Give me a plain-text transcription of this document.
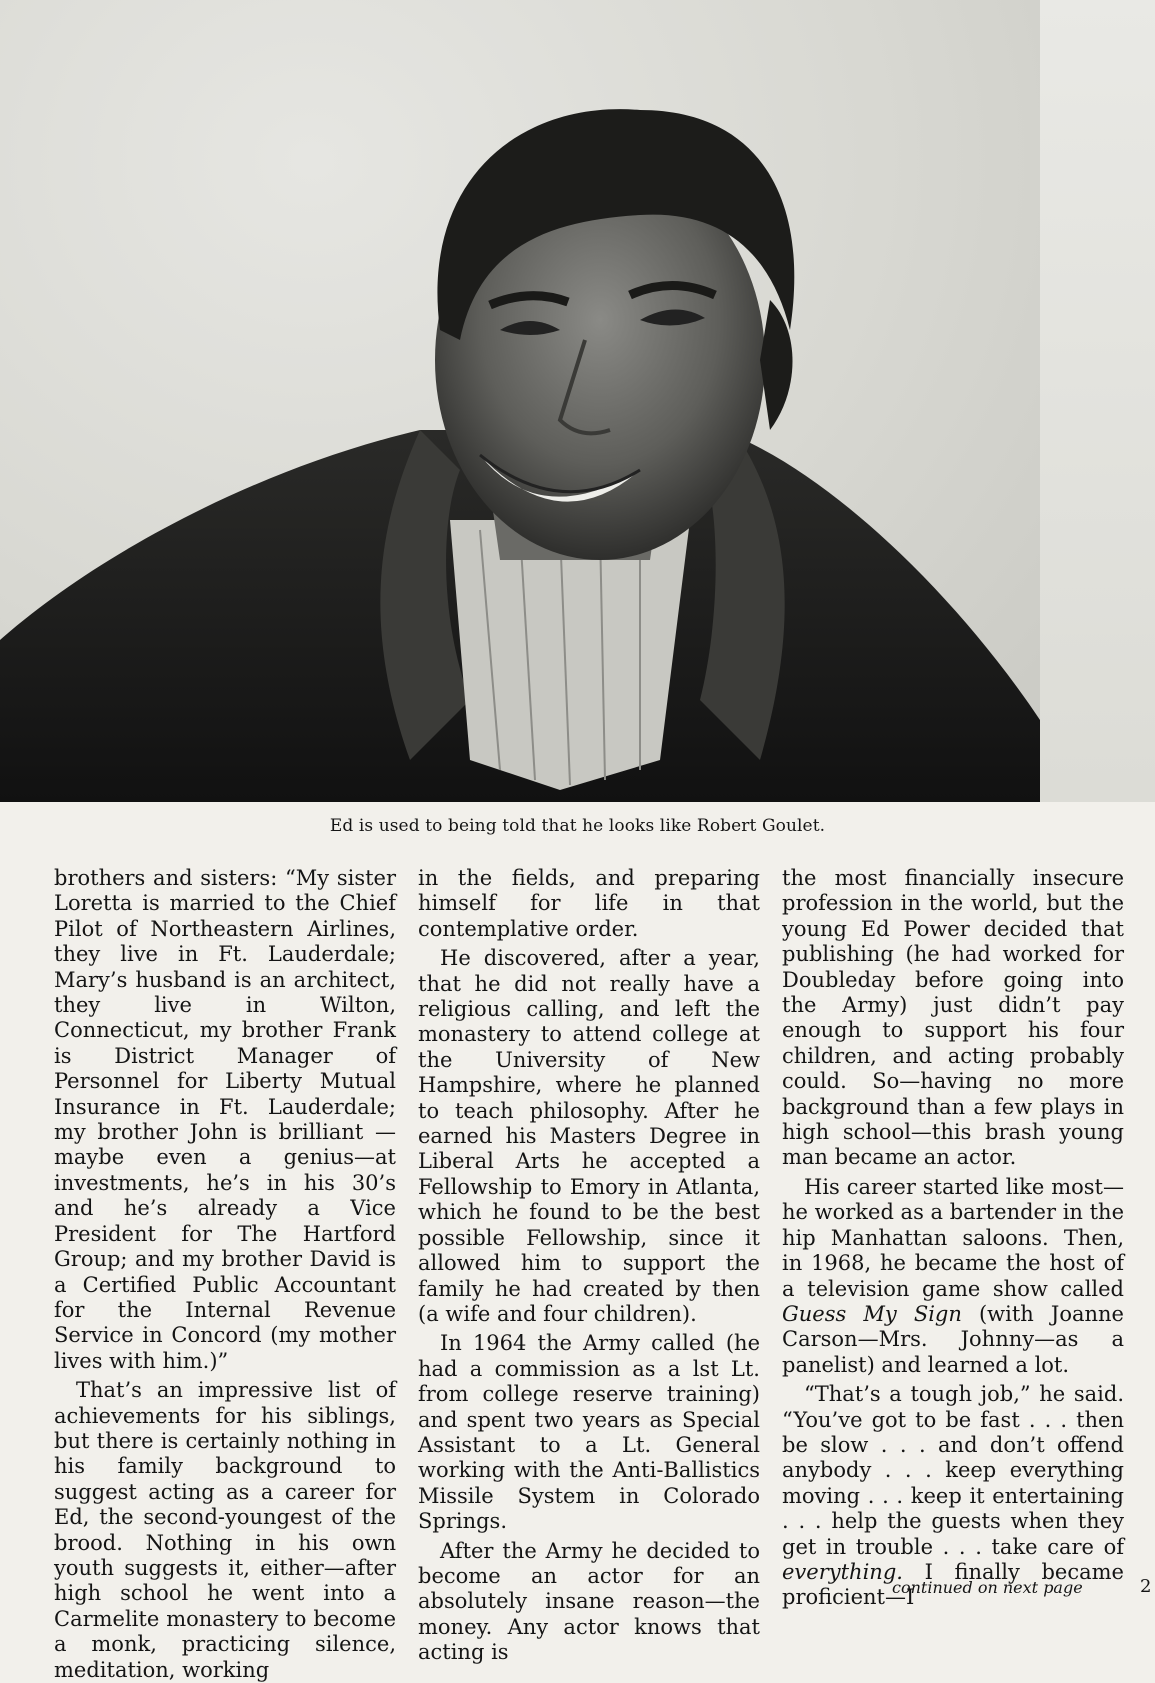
Ed is used to being told that he looks like Robert Goulet.

brothers and sisters: “My sister Loretta is married to the Chief Pilot of Northeastern Airlines, they live in Ft. Lauderdale; Mary’s husband is an architect, they live in Wilton, Connecticut, my brother Frank is District Manager of Personnel for Liberty Mutual Insurance in Ft. Lauderdale; my brother John is brilliant —maybe even a genius—at investments, he’s in his 30’s and he’s already a Vice President for The Hartford Group; and my brother David is a Certified Public Accountant for the Internal Revenue Service in Concord (my mother lives with him.)”

That’s an impressive list of achievements for his siblings, but there is certainly nothing in his family background to suggest acting as a career for Ed, the second-youngest of the brood. Nothing in his own youth suggests it, either—after high school he went into a Carmelite monastery to become a monk, practicing silence, meditation, working

in the fields, and preparing himself for life in that contemplative order.

He discovered, after a year, that he did not really have a religious calling, and left the monastery to attend college at the University of New Hampshire, where he planned to teach philosophy. After he earned his Masters Degree in Liberal Arts he accepted a Fellowship to Emory in Atlanta, which he found to be the best possible Fellowship, since it allowed him to support the family he had created by then (a wife and four children).

In 1964 the Army called (he had a commission as a lst Lt. from college reserve training) and spent two years as Special Assistant to a Lt. General working with the Anti-Ballistics Missile System in Colorado Springs.

After the Army he decided to become an actor for an absolutely insane reason—the money. Any actor knows that acting is

the most financially insecure profession in the world, but the young Ed Power decided that publishing (he had worked for Doubleday before going into the Army) just didn’t pay enough to support his four children, and acting probably could. So—having no more background than a few plays in high school—this brash young man became an actor.

His career started like most—he worked as a bartender in the hip Manhattan saloons. Then, in 1968, he became the host of a television game show called Guess My Sign (with Joanne Carson—Mrs. Johnny—as a panelist) and learned a lot.

“That’s a tough job,” he said. “You’ve got to be fast . . . then be slow . . . and don’t offend anybody . . . keep everything moving . . . keep it entertaining . . . help the guests when they get in trouble . . . take care of everything. I finally became proficient—I

continued on next page	2
